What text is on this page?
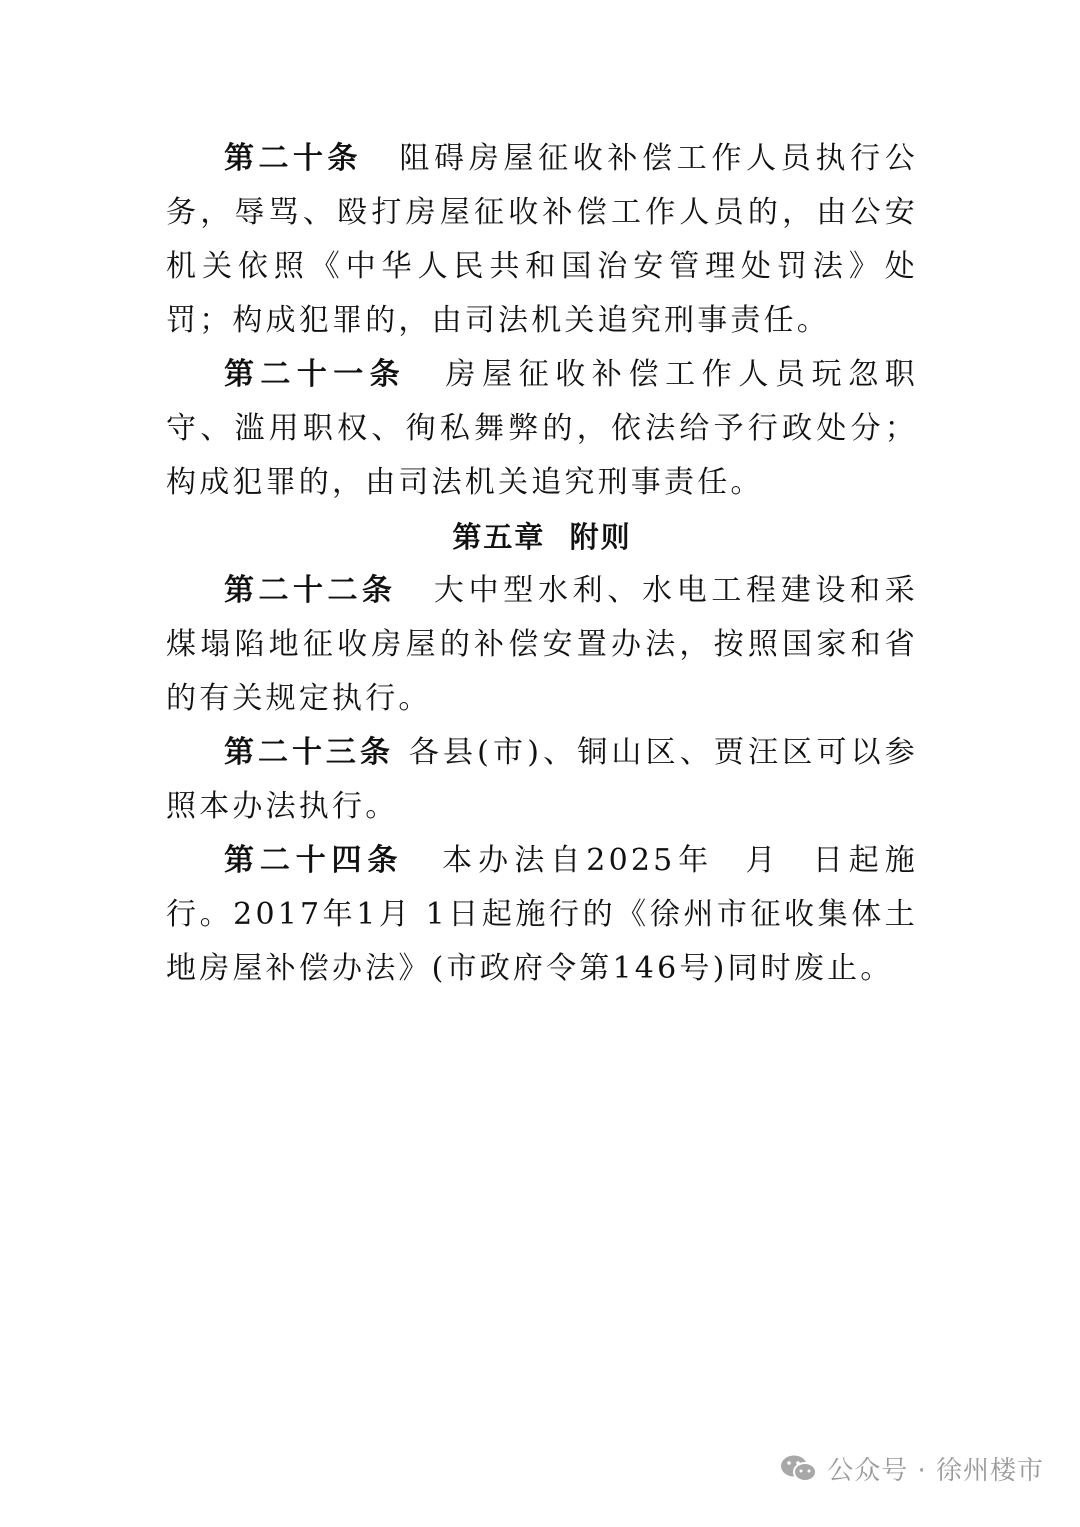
第二十条 阻碍房屋征收补偿工作人员执行公务，辱骂、殴打房屋征收补偿工作人员的，由公安机关依照《中华人民共和国治安管理处罚法》处罚；构成犯罪的，由司法机关追究刑事责任。

第二十一条 房屋征收补偿工作人员玩忽职守、滥用职权、徇私舞弊的，依法给予行政处分；构成犯罪的，由司法机关追究刑事责任。

第五章  附则

第二十二条 大中型水利、水电工程建设和采煤塌陷地征收房屋的补偿安置办法，按照国家和省的有关规定执行。

第二十三条 各县(市)、铜山区、贾汪区可以参照本办法执行。

第二十四条 本办法自2025年  月  日起施行。2017年1月 1日起施行的《徐州市征收集体土地房屋补偿办法》(市政府令第146号)同时废止。

公众号 · 徐州楼市
